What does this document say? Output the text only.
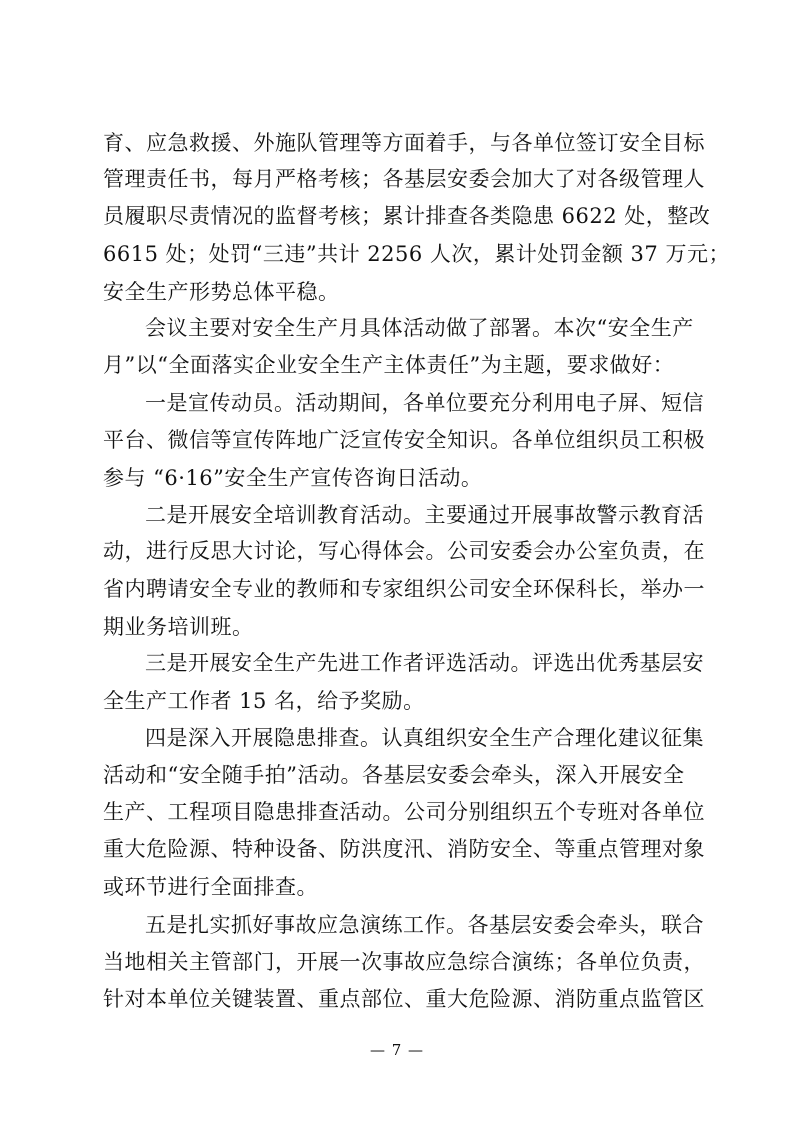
育、应急救援、外施队管理等方面着手，与各单位签订安全目标
管理责任书，每月严格考核；各基层安委会加大了对各级管理人
员履职尽责情况的监督考核；累计排查各类隐患 6622 处，整改
6615 处；处罚“三违”共计 2256 人次，累计处罚金额 37 万元；
安全生产形势总体平稳。
会议主要对安全生产月具体活动做了部署。本次“安全生产
月”以“全面落实企业安全生产主体责任”为主题，要求做好：
一是宣传动员。活动期间，各单位要充分利用电子屏、短信
平台、微信等宣传阵地广泛宣传安全知识。各单位组织员工积极
参与 “6·16”安全生产宣传咨询日活动。
二是开展安全培训教育活动。主要通过开展事故警示教育活
动，进行反思大讨论，写心得体会。公司安委会办公室负责，在
省内聘请安全专业的教师和专家组织公司安全环保科长，举办一
期业务培训班。
三是开展安全生产先进工作者评选活动。评选出优秀基层安
全生产工作者 15 名，给予奖励。
四是深入开展隐患排查。认真组织安全生产合理化建议征集
活动和“安全随手拍”活动。各基层安委会牵头，深入开展安全
生产、工程项目隐患排查活动。公司分别组织五个专班对各单位
重大危险源、特种设备、防洪度汛、消防安全、等重点管理对象
或环节进行全面排查。
五是扎实抓好事故应急演练工作。各基层安委会牵头，联合
当地相关主管部门，开展一次事故应急综合演练；各单位负责，
针对本单位关键装置、重点部位、重大危险源、消防重点监管区
— 7 —
